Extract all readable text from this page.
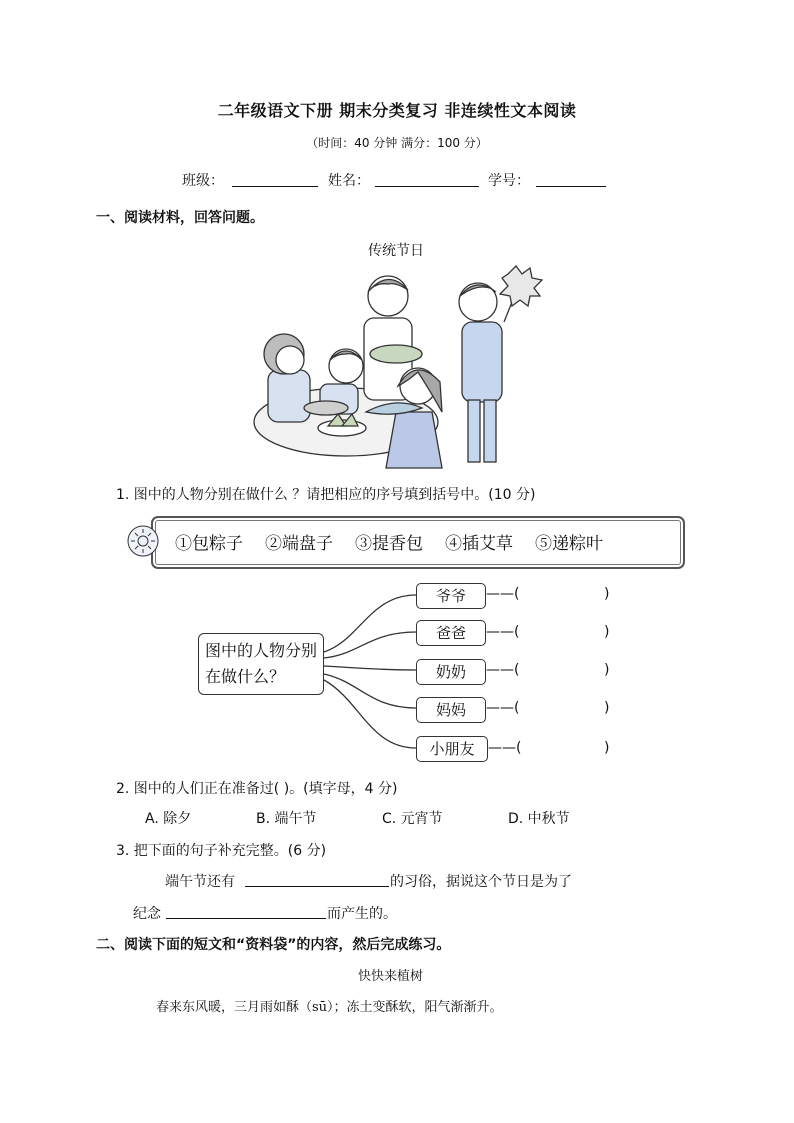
二年级语文下册 期末分类复习 非连续性文本阅读
（时间：40 分钟 满分：100 分）
班级：	姓名：	学号：
一、阅读材料，回答问题。
传统节日
1. 图中的人物分别在做什么 ？请把相应的序号填到括号中。(10 分)
①包粽子 ②端盘子 ③提香包 ④插艾草 ⑤递粽叶
图中的人物分别在做什么？
爷爷
爸爸
奶奶
妈妈
小朋友
——(	)
——(	)
——(	)
——(	)
——(	)
2. 图中的人们正在准备过( )。(填字母，4 分)
A. 除夕	B. 端午节	C. 元宵节	D. 中秋节
3. 把下面的句子补充完整。(6 分)
端午节还有	的习俗，据说这个节日是为了
纪念	而产生的。
二、阅读下面的短文和“资料袋”的内容，然后完成练习。
快快来植树
春来东风暖，三月雨如酥（sū）；冻土变酥软，阳气渐渐升。
